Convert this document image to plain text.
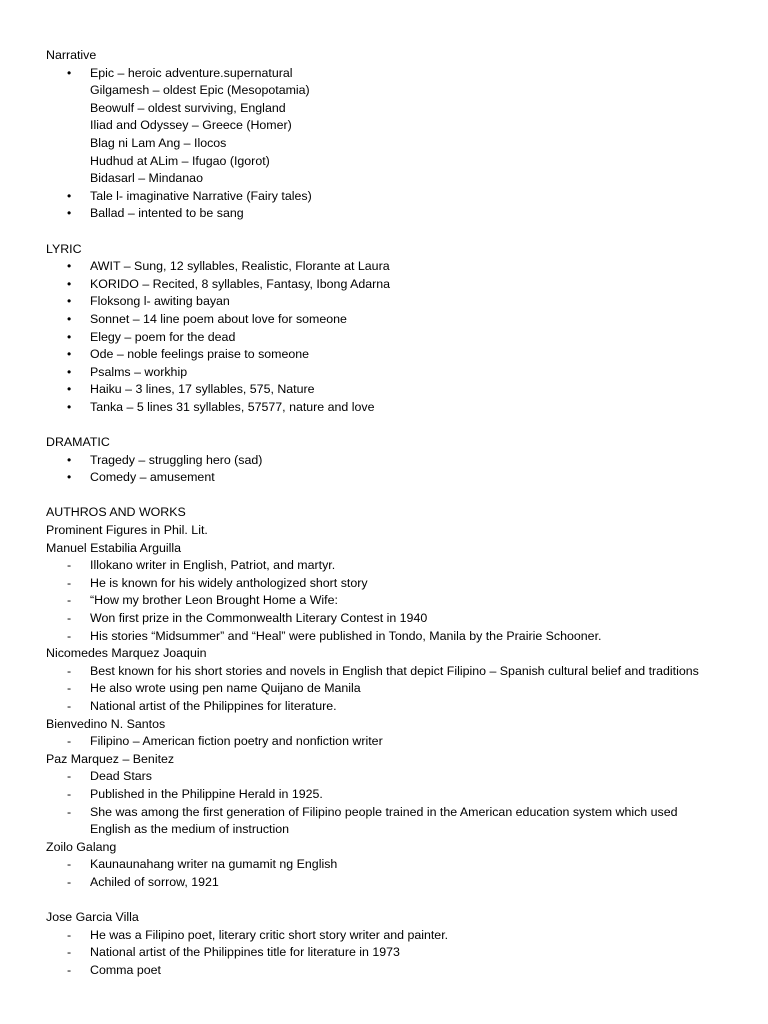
Narrative
• Epic – heroic adventure.supernatural
Gilgamesh – oldest Epic (Mesopotamia)
Beowulf – oldest surviving, England
Iliad and Odyssey – Greece (Homer)
Blag ni Lam Ang – Ilocos
Hudhud at ALim – Ifugao (Igorot)
Bidasarl – Mindanao
• Tale l- imaginative Narrative (Fairy tales)
• Ballad – intented to be sang
LYRIC
• AWIT – Sung, 12 syllables, Realistic, Florante at Laura
• KORIDO – Recited, 8 syllables, Fantasy, Ibong Adarna
• Floksong l- awiting bayan
• Sonnet – 14 line poem about love for someone
• Elegy – poem for the dead
• Ode – noble feelings praise to someone
• Psalms – workhip
• Haiku – 3 lines, 17 syllables, 575, Nature
• Tanka – 5 lines 31 syllables, 57577, nature and love
DRAMATIC
• Tragedy – struggling hero (sad)
• Comedy – amusement
AUTHROS AND WORKS
Prominent Figures in Phil. Lit.
Manuel Estabilia Arguilla
- Illokano writer in English, Patriot, and martyr.
- He is known for his widely anthologized short story
- “How my brother Leon Brought Home a Wife:
- Won first prize in the Commonwealth Literary Contest in 1940
- His stories “Midsummer” and “Heal” were published in Tondo, Manila by the Prairie Schooner.
Nicomedes Marquez Joaquin
- Best known for his short stories and novels in English that depict Filipino – Spanish cultural belief and traditions
- He also wrote using pen name Quijano de Manila
- National artist of the Philippines for literature.
Bienvedino N. Santos
- Filipino – American fiction poetry and nonfiction writer
Paz Marquez – Benitez
- Dead Stars
- Published in the Philippine Herald in 1925.
- She was among the first generation of Filipino people trained in the American education system which used
English as the medium of instruction
Zoilo Galang
- Kaunaunahang writer na gumamit ng English
- Achiled of sorrow, 1921
Jose Garcia Villa
- He was a Filipino poet, literary critic short story writer and painter.
- National artist of the Philippines title for literature in 1973
- Comma poet
